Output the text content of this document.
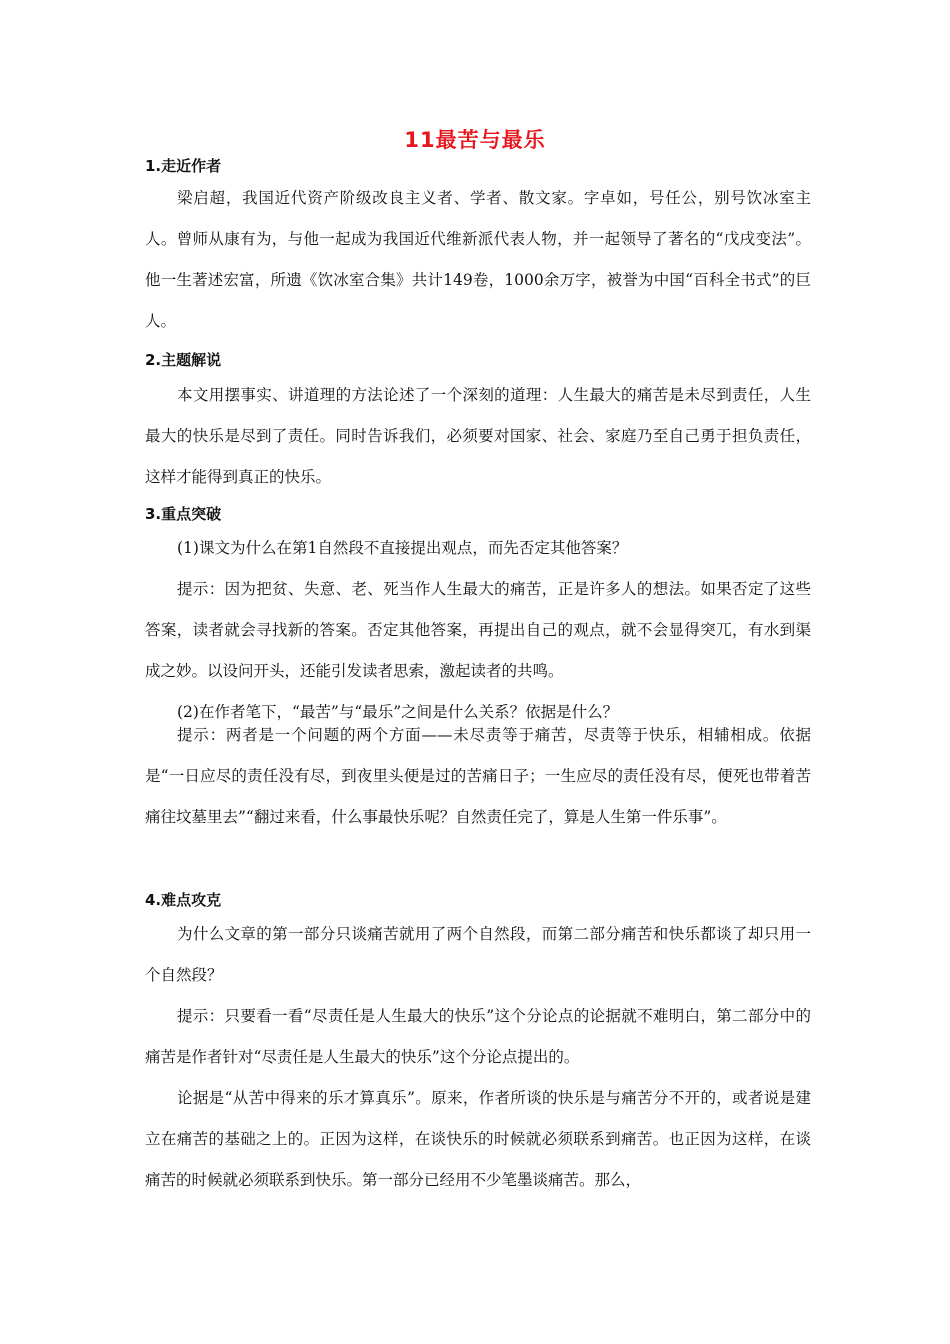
11最苦与最乐
1.走近作者

梁启超，我国近代资产阶级改良主义者、学者、散文家。字卓如，号任公，别号饮冰室主人。曾师从康有为，与他一起成为我国近代维新派代表人物，并一起领导了著名的“戊戌变法”。他一生著述宏富，所遗《饮冰室合集》共计149卷，1000余万字，被誉为中国“百科全书式”的巨人。

2.主题解说

本文用摆事实、讲道理的方法论述了一个深刻的道理：人生最大的痛苦是未尽到责任，人生最大的快乐是尽到了责任。同时告诉我们，必须要对国家、社会、家庭乃至自己勇于担负责任，这样才能得到真正的快乐。

3.重点突破

(1)课文为什么在第1自然段不直接提出观点，而先否定其他答案？

提示：因为把贫、失意、老、死当作人生最大的痛苦，正是许多人的想法。如果否定了这些答案，读者就会寻找新的答案。否定其他答案，再提出自己的观点，就不会显得突兀，有水到渠成之妙。以设问开头，还能引发读者思索，激起读者的共鸣。

(2)在作者笔下，“最苦”与“最乐”之间是什么关系？依据是什么？

提示：两者是一个问题的两个方面——未尽责等于痛苦，尽责等于快乐，相辅相成。依据是“一日应尽的责任没有尽，到夜里头便是过的苦痛日子；一生应尽的责任没有尽，便死也带着苦痛往坟墓里去”“翻过来看，什么事最快乐呢？自然责任完了，算是人生第一件乐事”。

4.难点攻克

为什么文章的第一部分只谈痛苦就用了两个自然段，而第二部分痛苦和快乐都谈了却只用一个自然段？

提示：只要看一看“尽责任是人生最大的快乐”这个分论点的论据就不难明白，第二部分中的痛苦是作者针对“尽责任是人生最大的快乐”这个分论点提出的。

论据是“从苦中得来的乐才算真乐”。原来，作者所谈的快乐是与痛苦分不开的，或者说是建立在痛苦的基础之上的。正因为这样，在谈快乐的时候就必须联系到痛苦。也正因为这样，在谈痛苦的时候就必须联系到快乐。第一部分已经用不少笔墨谈痛苦。那么，
